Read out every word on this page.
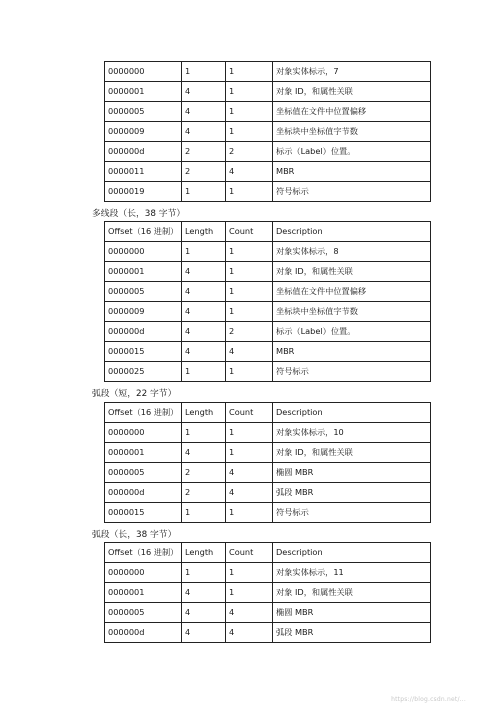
0000000	1	1	对象实体标示，7
0000001	4	1	对象 ID，和属性关联
0000005	4	1	坐标值在文件中位置偏移
0000009	4	1	坐标块中坐标值字节数
000000d	2	2	标示（Label）位置。
0000011	2	4	MBR
0000019	1	1	符号标示
多线段（长，38 字节）
Offset（16 进制）	Length	Count	Description
0000000	1	1	对象实体标示，8
0000001	4	1	对象 ID，和属性关联
0000005	4	1	坐标值在文件中位置偏移
0000009	4	1	坐标块中坐标值字节数
000000d	4	2	标示（Label）位置。
0000015	4	4	MBR
0000025	1	1	符号标示
弧段（短，22 字节）
Offset（16 进制）	Length	Count	Description
0000000	1	1	对象实体标示，10
0000001	4	1	对象 ID，和属性关联
0000005	2	4	椭圆 MBR
000000d	2	4	弧段 MBR
0000015	1	1	符号标示
弧段（长，38 字节）
Offset（16 进制）	Length	Count	Description
0000000	1	1	对象实体标示，11
0000001	4	1	对象 ID，和属性关联
0000005	4	4	椭圆 MBR
000000d	4	4	弧段 MBR
https://blog.csdn.net/...
